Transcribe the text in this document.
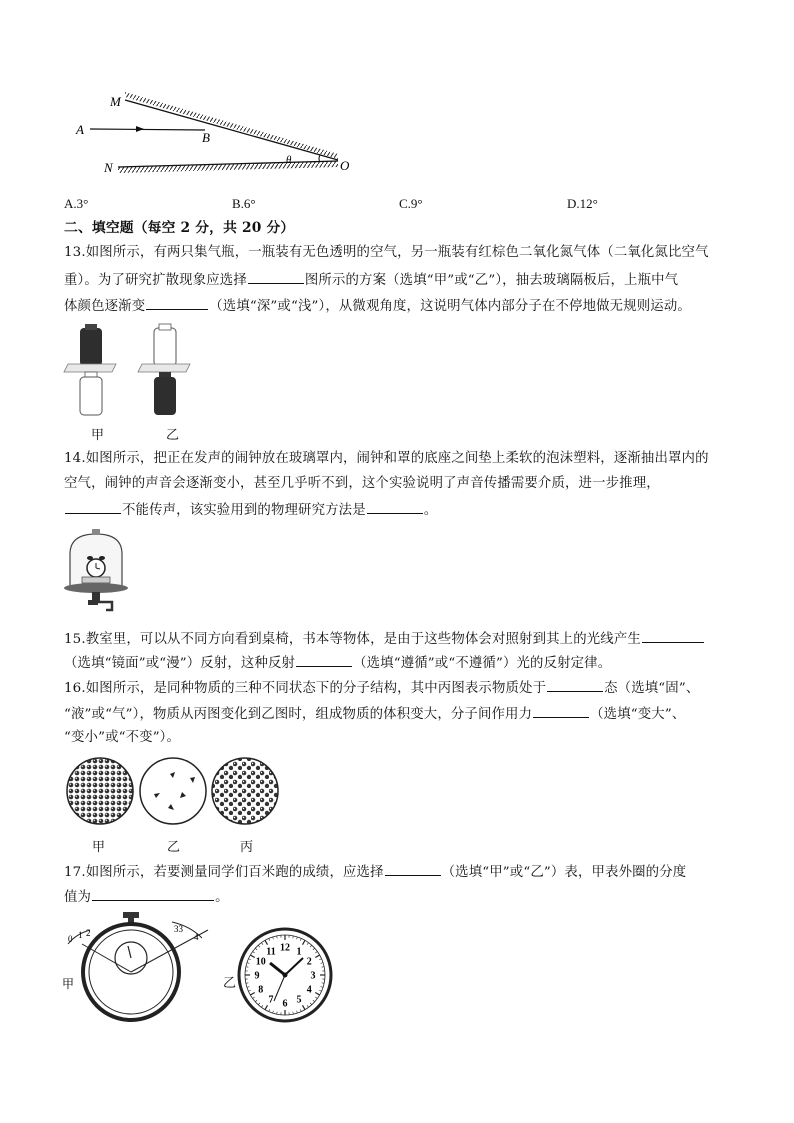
M
A
B
N	O
θ
A.3°	B.6°	C.9°	D.12°
二、填空题（每空 2 分，共 20 分）
13.如图所示，有两只集气瓶，一瓶装有无色透明的空气，另一瓶装有红棕色二氧化氮气体（二氧化氮比空气
重）。为了研究扩散现象应选择	图所示的方案（选填“甲”或“乙”），抽去玻璃隔板后，上瓶中气
体颜色逐渐变	（选填“深”或“浅”），从微观角度，这说明气体内部分子在不停地做无规则运动。
甲	乙
14.如图所示，把正在发声的闹钟放在玻璃罩内，闹钟和罩的底座之间垫上柔软的泡沫塑料，逐渐抽出罩内的
空气，闹钟的声音会逐渐变小，甚至几乎听不到，这个实验说明了声音传播需要介质，进一步推理，
不能传声，该实验用到的物理研究方法是	。
15.教室里，可以从不同方向看到桌椅，书本等物体，是由于这些物体会对照射到其上的光线产生
（选填“镜面”或“漫”）反射，这种反射	（选填“遵循”或“不遵循”）光的反射定律。
16.如图所示，是同种物质的三种不同状态下的分子结构，其中丙图表示物质处于	态（选填“固”、
“液”或“气”），物质从丙图变化到乙图时，组成物质的体积变大，分子间作用力	（选填“变大”、
“变小”或“不变”）。
甲	乙	丙
17.如图所示，若要测量同学们百米跑的成绩，应选择	（选填“甲”或“乙”）表，甲表外圈的分度
值为	。
0 1 2	33
4
甲	乙
12 1
2
3
4
5
6
7
8
9
10
11
